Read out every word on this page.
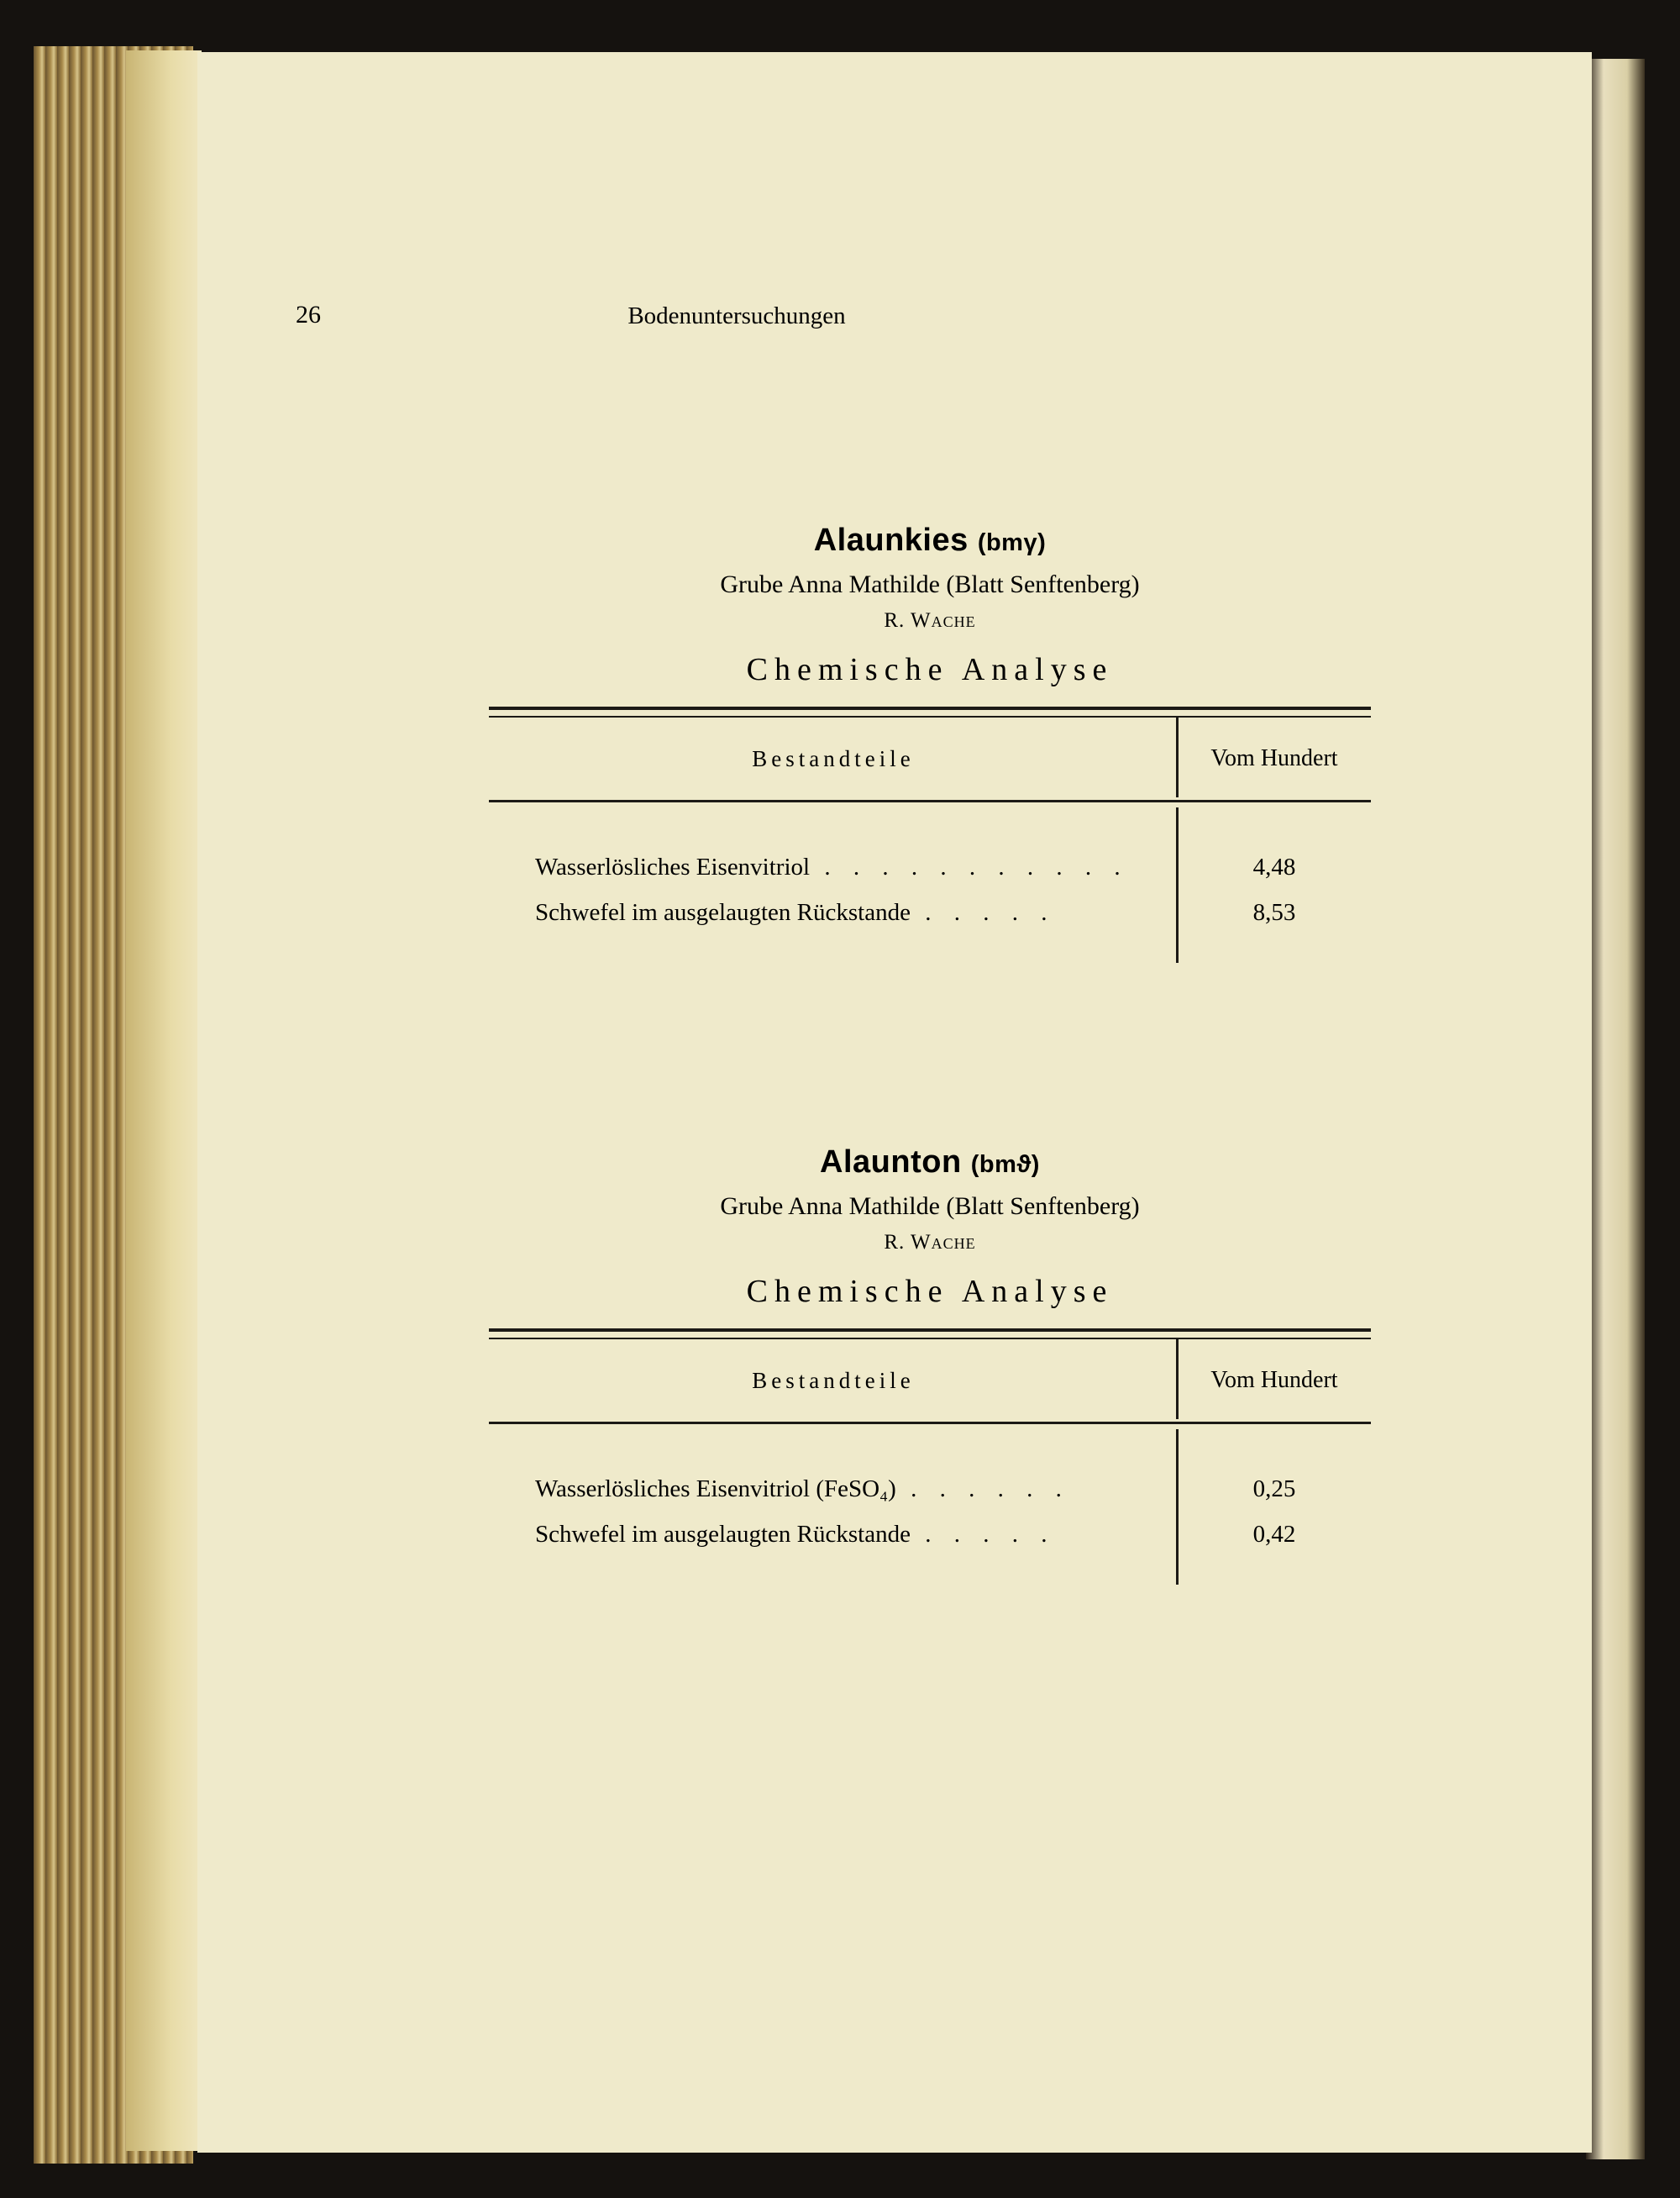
26	Bodenuntersuchungen
Alaunkies (bmγ)
Grube Anna Mathilde (Blatt Senftenberg)
R. Wache
Chemische Analyse
Bestandteile	Vom Hundert
Wasserlösliches Eisenvitriol . . . . . . . . . . .	4,48
Schwefel im ausgelaugten Rückstande . . . . .	8,53
Alaunton (bmϑ)
Grube Anna Mathilde (Blatt Senftenberg)
R. Wache
Chemische Analyse
Bestandteile	Vom Hundert
Wasserlösliches Eisenvitriol (FeSO₄) . . . . . .	0,25
Schwefel im ausgelaugten Rückstande . . . . .	0,42
